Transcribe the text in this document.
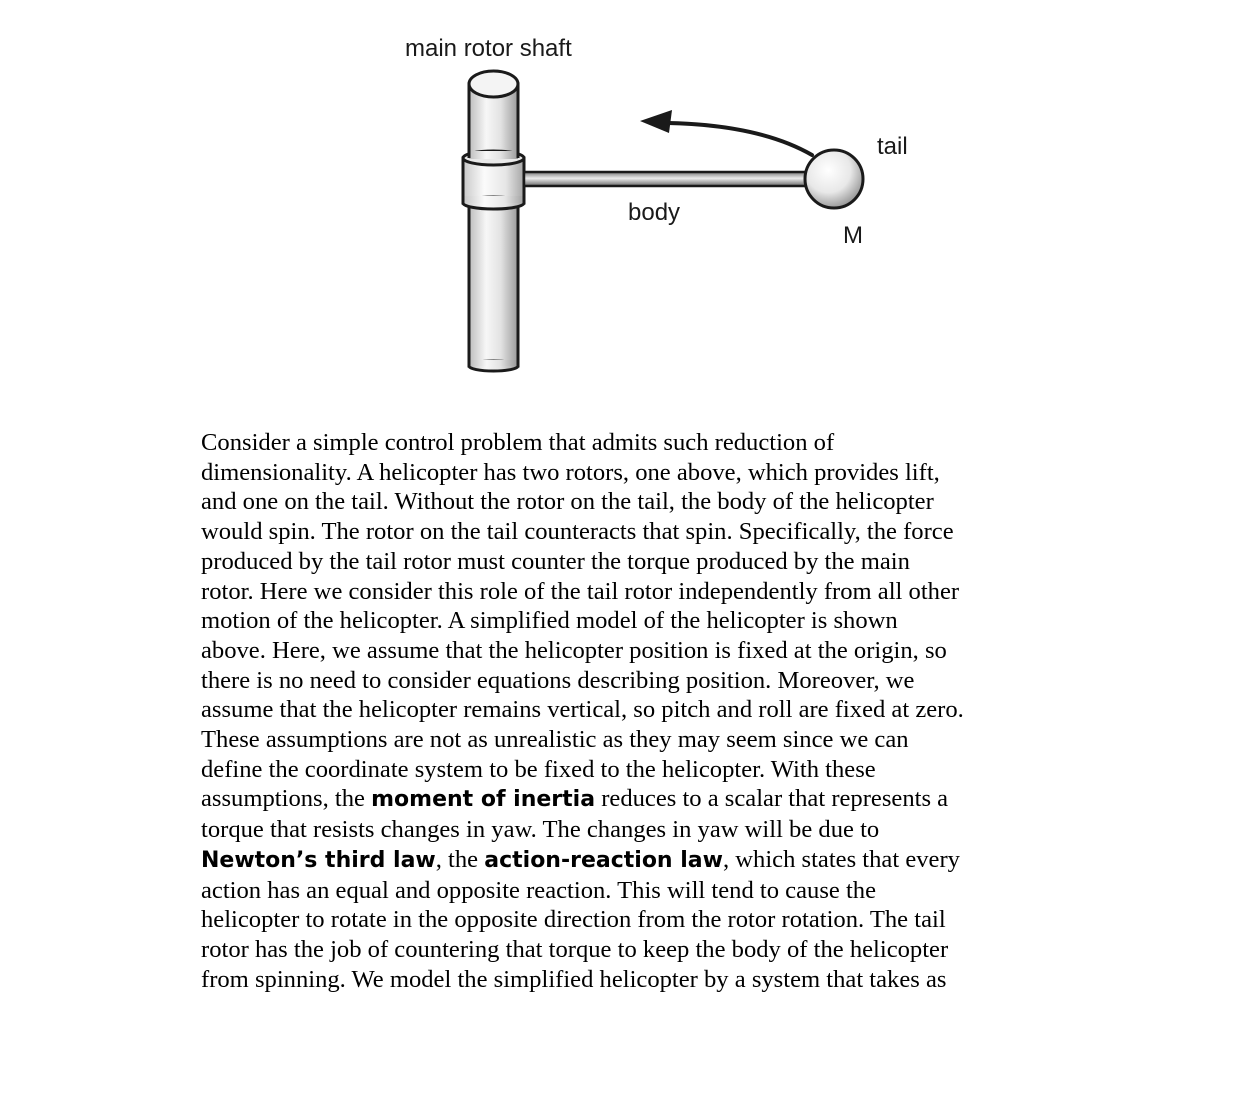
main rotor shaft
tail
body
M
Consider a simple control problem that admits such reduction of
dimensionality. A helicopter has two rotors, one above, which provides lift,
and one on the tail. Without the rotor on the tail, the body of the helicopter
would spin. The rotor on the tail counteracts that spin. Specifically, the force
produced by the tail rotor must counter the torque produced by the main
rotor. Here we consider this role of the tail rotor independently from all other
motion of the helicopter. A simplified model of the helicopter is shown
above. Here, we assume that the helicopter position is fixed at the origin, so
there is no need to consider equations describing position. Moreover, we
assume that the helicopter remains vertical, so pitch and roll are fixed at zero.
These assumptions are not as unrealistic as they may seem since we can
define the coordinate system to be fixed to the helicopter. With these
assumptions, the moment of inertia reduces to a scalar that represents a
torque that resists changes in yaw. The changes in yaw will be due to
Newton’s third law, the action-reaction law, which states that every
action has an equal and opposite reaction. This will tend to cause the
helicopter to rotate in the opposite direction from the rotor rotation. The tail
rotor has the job of countering that torque to keep the body of the helicopter
from spinning. We model the simplified helicopter by a system that takes as
